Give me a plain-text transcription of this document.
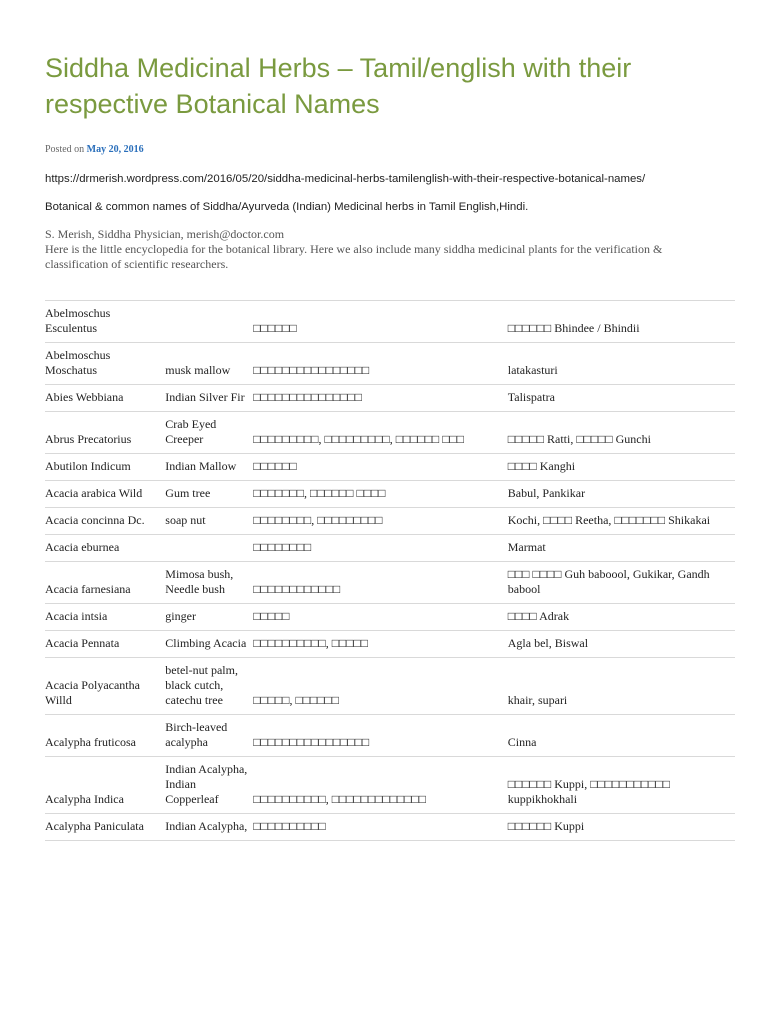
Siddha Medicinal Herbs – Tamil/english with their respective Botanical Names
Posted on May 20, 2016
https://drmerish.wordpress.com/2016/05/20/siddha-medicinal-herbs-tamilenglish-with-their-respective-botanical-names/
Botanical & common names of Siddha/Ayurveda (Indian) Medicinal herbs in Tamil English,Hindi.
S. Merish, Siddha Physician, merish@doctor.com
Here is the little encyclopedia for the botanical library. Here we also include many siddha medicinal plants for the verification & classification of scientific researchers.
Abelmoschus Esculentus		□□□□□□	□□□□□□ Bhindee / Bhindii
Abelmoschus Moschatus	musk mallow	□□□□□□□□□□□□□□□□	latakasturi
Abies Webbiana	Indian Silver Fir	□□□□□□□□□□□□□□□	Talispatra
Abrus Precatorius	Crab Eyed Creeper	□□□□□□□□□, □□□□□□□□□, □□□□□□ □□□	□□□□□ Ratti, □□□□□ Gunchi
Abutilon Indicum	Indian Mallow	□□□□□□	□□□□ Kanghi
Acacia arabica Wild	Gum tree	□□□□□□□, □□□□□□ □□□□	Babul, Pankikar
Acacia concinna Dc.	soap nut	□□□□□□□□, □□□□□□□□□	Kochi, □□□□ Reetha, □□□□□□□ Shikakai
Acacia eburnea		□□□□□□□□	Marmat
Acacia farnesiana	Mimosa bush, Needle bush	□□□□□□□□□□□□	□□□ □□□□ Guh baboool, Gukikar, Gandh babool
Acacia intsia	ginger	□□□□□	□□□□ Adrak
Acacia Pennata	Climbing Acacia	□□□□□□□□□□, □□□□□	Agla bel, Biswal
Acacia Polyacantha Willd	betel-nut palm, black cutch, catechu tree	□□□□□, □□□□□□	khair, supari
Acalypha fruticosa	Birch-leaved acalypha	□□□□□□□□□□□□□□□□	Cinna
Acalypha Indica	Indian Acalypha, Indian Copperleaf	□□□□□□□□□□, □□□□□□□□□□□□□	□□□□□□ Kuppi, □□□□□□□□□□□ kuppikhokhali
Acalypha Paniculata	Indian Acalypha,	□□□□□□□□□□	□□□□□□ Kuppi
